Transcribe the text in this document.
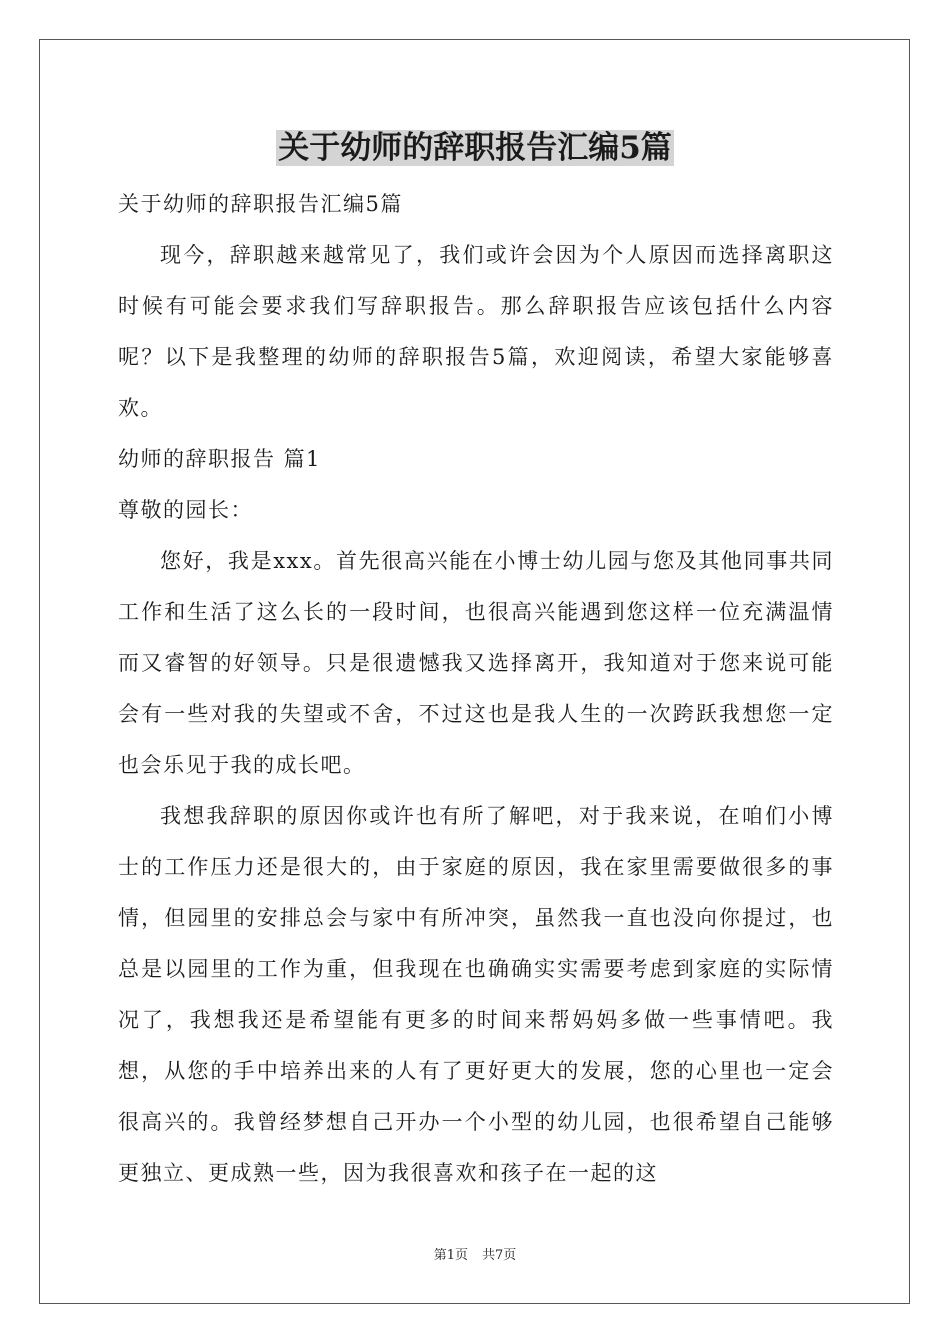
关于幼师的辞职报告汇编5篇

关于幼师的辞职报告汇编5篇

现今，辞职越来越常见了，我们或许会因为个人原因而选择离职这时候有可能会要求我们写辞职报告。那么辞职报告应该包括什么内容呢？以下是我整理的幼师的辞职报告5篇，欢迎阅读，希望大家能够喜欢。

幼师的辞职报告 篇1

尊敬的园长：

您好，我是xxx。首先很高兴能在小博士幼儿园与您及其他同事共同工作和生活了这么长的一段时间，也很高兴能遇到您这样一位充满温情而又睿智的好领导。只是很遗憾我又选择离开，我知道对于您来说可能会有一些对我的失望或不舍，不过这也是我人生的一次跨跃我想您一定也会乐见于我的成长吧。

我想我辞职的原因你或许也有所了解吧，对于我来说，在咱们小博士的工作压力还是很大的，由于家庭的原因，我在家里需要做很多的事情，但园里的安排总会与家中有所冲突，虽然我一直也没向你提过，也总是以园里的工作为重，但我现在也确确实实需要考虑到家庭的实际情况了，我想我还是希望能有更多的时间来帮妈妈多做一些事情吧。我想，从您的手中培养出来的人有了更好更大的发展，您的心里也一定会很高兴的。我曾经梦想自己开办一个小型的幼儿园，也很希望自己能够更独立、更成熟一些，因为我很喜欢和孩子在一起的这

第1页 共7页
